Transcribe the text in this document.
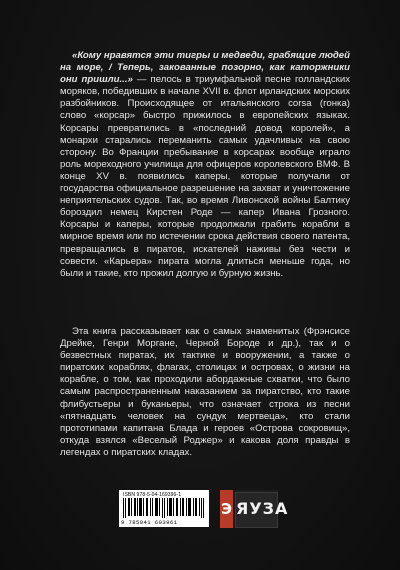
«Кому нравятся эти тигры и медведи, грабящие людей на море, / Теперь, закованные позорно, как каторжники они пришли...» — пелось в триумфальной песне голландских моряков, победивших в начале XVII в. флот ирландских морских разбойников. Происходящее от итальянского corsa (гонка) слово «корсар» быстро прижилось в европейских языках. Корсары превратились в «последний довод королей», а монархи старались переманить самых удачливых на свою сторону. Во Франции пребывание в корсарах вообще играло роль мореходного училища для офицеров королевского ВМФ. В конце XV в. появились каперы, которые получали от государства официальное разрешение на захват и уничтожение неприятельских судов. Так, во время Ливонской войны Балтику бороздил немец Кирстен Роде — капер Ивана Грозного. Корсары и каперы, которые продолжали грабить корабли в мирное время или по истечении срока действия своего патента, превращались в пиратов, искателей наживы без чести и совести. «Карьера» пирата могла длиться меньше года, но были и такие, кто прожил долгую и бурную жизнь.

Эта книга рассказывает как о самых знаменитых (Фрэнсисе Дрейке, Генри Моргане, Черной Бороде и др.), так и о безвестных пиратах, их тактике и вооружении, а также о пиратских кораблях, флагах, столицах и островах, о жизни на корабле, о том, как проходили абордажные схватки, что было самым распространенным наказанием за пиратство, кто такие флибустьеры и буканьеры, что означает строка из песни «пятнадцать человек на сундук мертвеца», кто стали прототипами капитана Блада и героев «Острова сокровищ», откуда взялся «Веселый Роджер» и какова доля правды в легендах о пиратских кладах.

ISBN 978-5-04-169396-1
9 785041 693961
Э ЯУЗА
